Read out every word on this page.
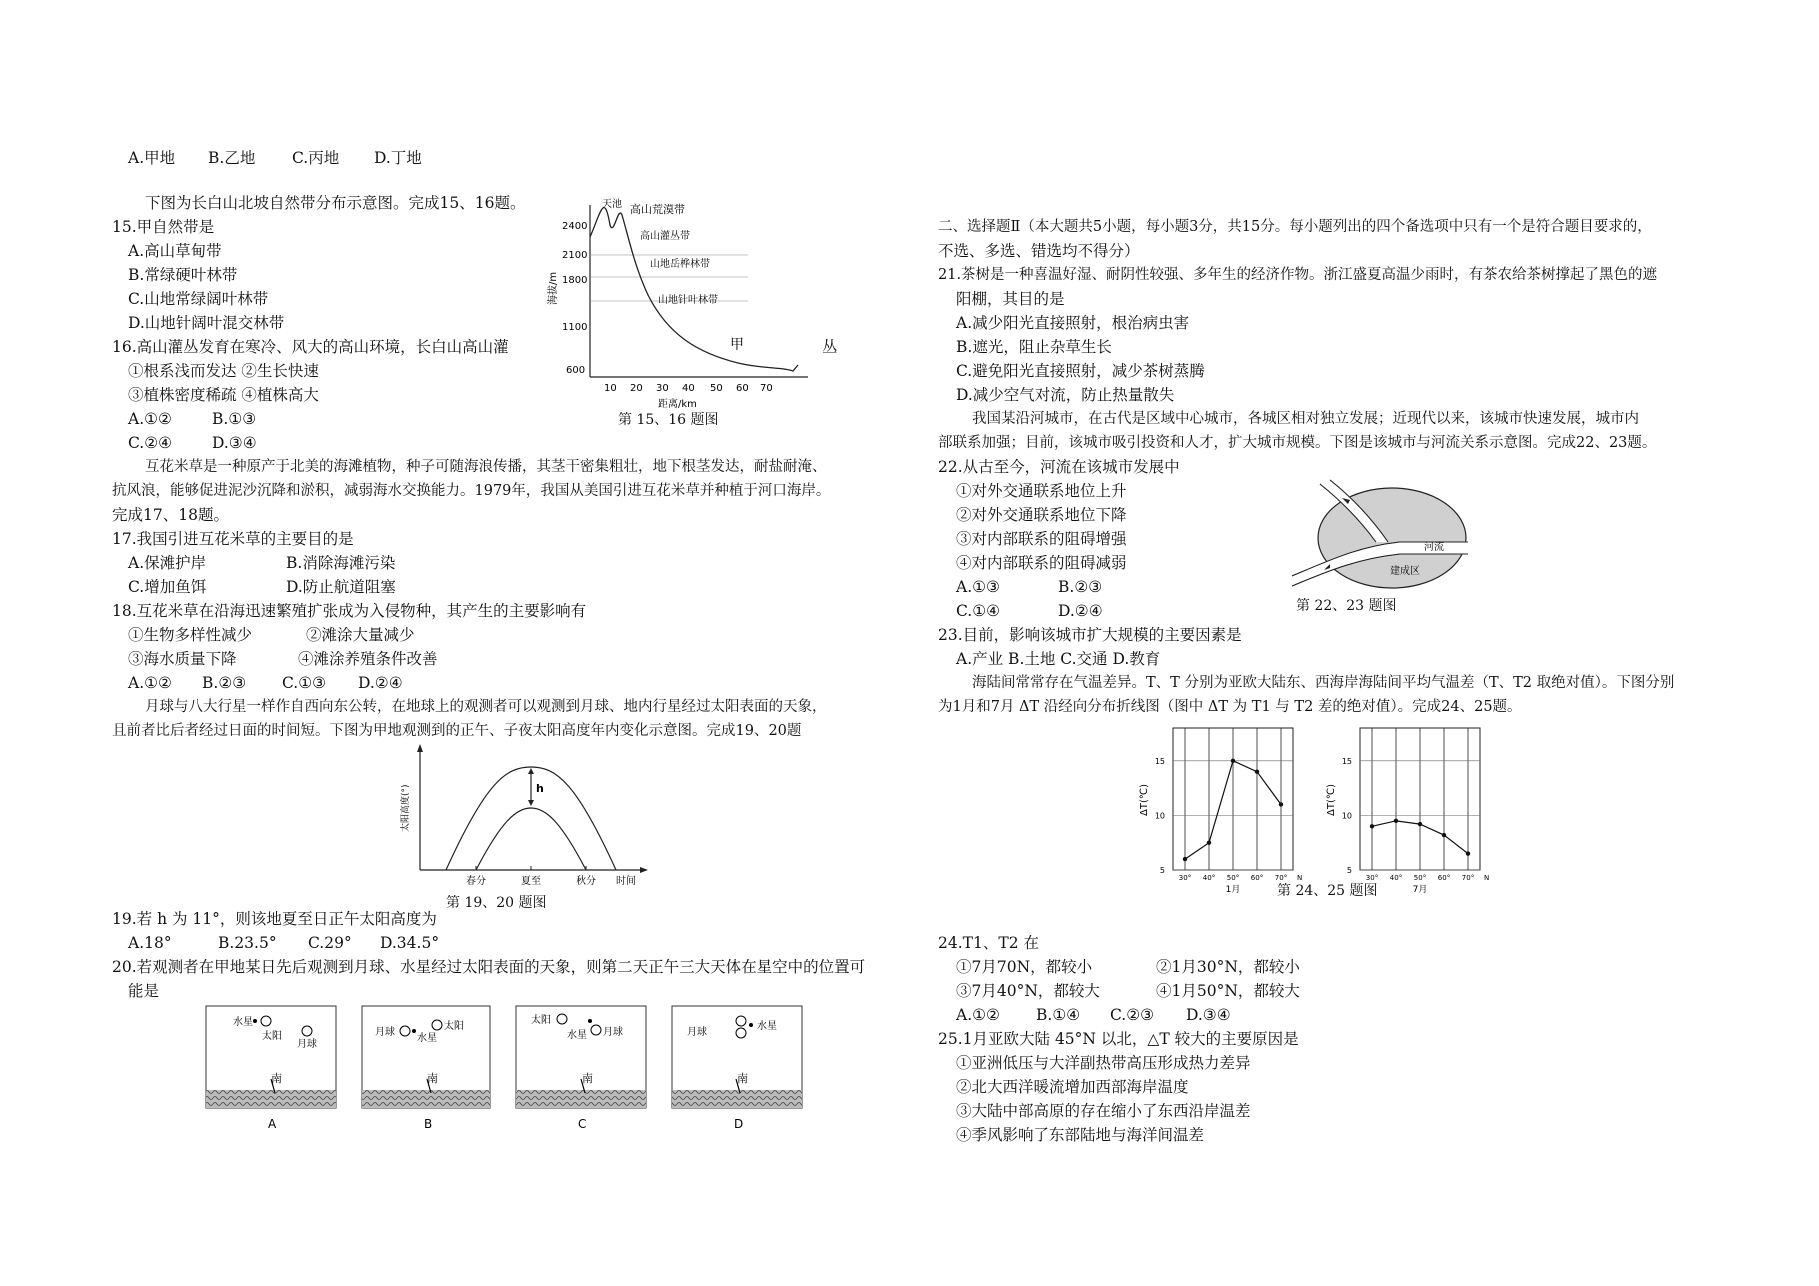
A.甲地 B.乙地 C.丙地 D.丁地
下图为长白山北坡自然带分布示意图。完成15、16题。
15.甲自然带是
A.高山草甸带
B.常绿硬叶林带
C.山地常绿阔叶林带
D.山地针阔叶混交林带
16.高山灌丛发育在寒冷、风大的高山环境，长白山高山灌	丛
①根系浅而发达 ②生长快速
③植株密度稀疏 ④植株高大
A.①②	B.①③
C.②④	D.③④
互花米草是一种原产于北美的海滩植物，种子可随海浪传播，其茎干密集粗壮，地下根茎发达，耐盐耐淹、
抗风浪，能够促进泥沙沉降和淤积，减弱海水交换能力。1979年，我国从美国引进互花米草并种植于河口海岸。
完成17、18题。
17.我国引进互花米草的主要目的是
A.保滩护岸	B.消除海滩污染
C.增加鱼饵	D.防止航道阻塞
18.互花米草在沿海迅速繁殖扩张成为入侵物种，其产生的主要影响有
①生物多样性减少	②滩涂大量减少
③海水质量下降	④滩涂养殖条件改善
A.①② B.②③ C.①③ D.②④
月球与八大行星一样作自西向东公转，在地球上的观测者可以观测到月球、地内行星经过太阳表面的天象，
且前者比后者经过日面的时间短。下图为甲地观测到的正午、子夜太阳高度年内变化示意图。完成19、20题
19.若 h 为 11°，则该地夏至日正午太阳高度为
A.18°	B.23.5° C.29° D.34.5°
20.若观测者在甲地某日先后观测到月球、水星经过太阳表面的天象，则第二天正午三大天体在星空中的位置可
能是
天池
2400
2100
1800
1100
600
海拔/m
高山荒漠带
高山灌丛带
山地岳桦林带
山地针叶林带
甲
10 20 30 40 50 60 70
距离/km
第 15、16 题图
h
太阳高度(°)
春分	夏至	秋分 时间
第 19、20 题图
水星
太阳
月球
南
A
月球
水星
太阳
南
B
太阳
水星 月球
南
C
月球
水星
南
D
二、选择题Ⅱ（本大题共5小题，每小题3分，共15分。每小题列出的四个备选项中只有一个是符合题目要求的，
不选、多选、错选均不得分）
21.茶树是一种喜温好湿、耐阴性较强、多年生的经济作物。浙江盛夏高温少雨时，有茶农给茶树撑起了黑色的遮
阳棚，其目的是
A.减少阳光直接照射，根治病虫害
B.遮光，阻止杂草生长
C.避免阳光直接照射，减少茶树蒸腾
D.减少空气对流，防止热量散失
我国某沿河城市，在古代是区域中心城市，各城区相对独立发展；近现代以来，该城市快速发展，城市内
部联系加强；目前，该城市吸引投资和人才，扩大城市规模。下图是该城市与河流关系示意图。完成22、23题。
22.从古至今，河流在该城市发展中
①对外交通联系地位上升
②对外交通联系地位下降
③对内部联系的阻碍增强
④对内部联系的阻碍减弱
A.①③	B.②③
C.①④	D.②④
23.目前，影响该城市扩大规模的主要因素是
A.产业 B.土地 C.交通 D.教育
海陆间常常存在气温差异。T、T 分别为亚欧大陆东、西海岸海陆间平均气温差（T、T2 取绝对值）。下图分别
为1月和7月 ΔT 沿经向分布折线图（图中 ΔT 为 T1 与 T2 差的绝对值）。完成24、25题。
24.T1、T2 在
①7月70N，都较小	②1月30°N，都较小
③7月40°N，都较大	④1月50°N，都较大
A.①② B.①④ C.②③ D.③④
25.1月亚欧大陆 45°N 以北，△T 较大的主要原因是
①亚洲低压与大洋副热带高压形成热力差异
②北大西洋暖流增加西部海岸温度
③大陆中部高原的存在缩小了东西沿岸温差
④季风影响了东部陆地与海洋间温差
河流
建成区
第 22、23 题图
5
10
15
ΔT(℃)
30° 40° 50° 60° 70° N
1月
5
10
15
ΔT(℃)
30° 40° 50° 60° 70° N
7月
第 24、25 题图
